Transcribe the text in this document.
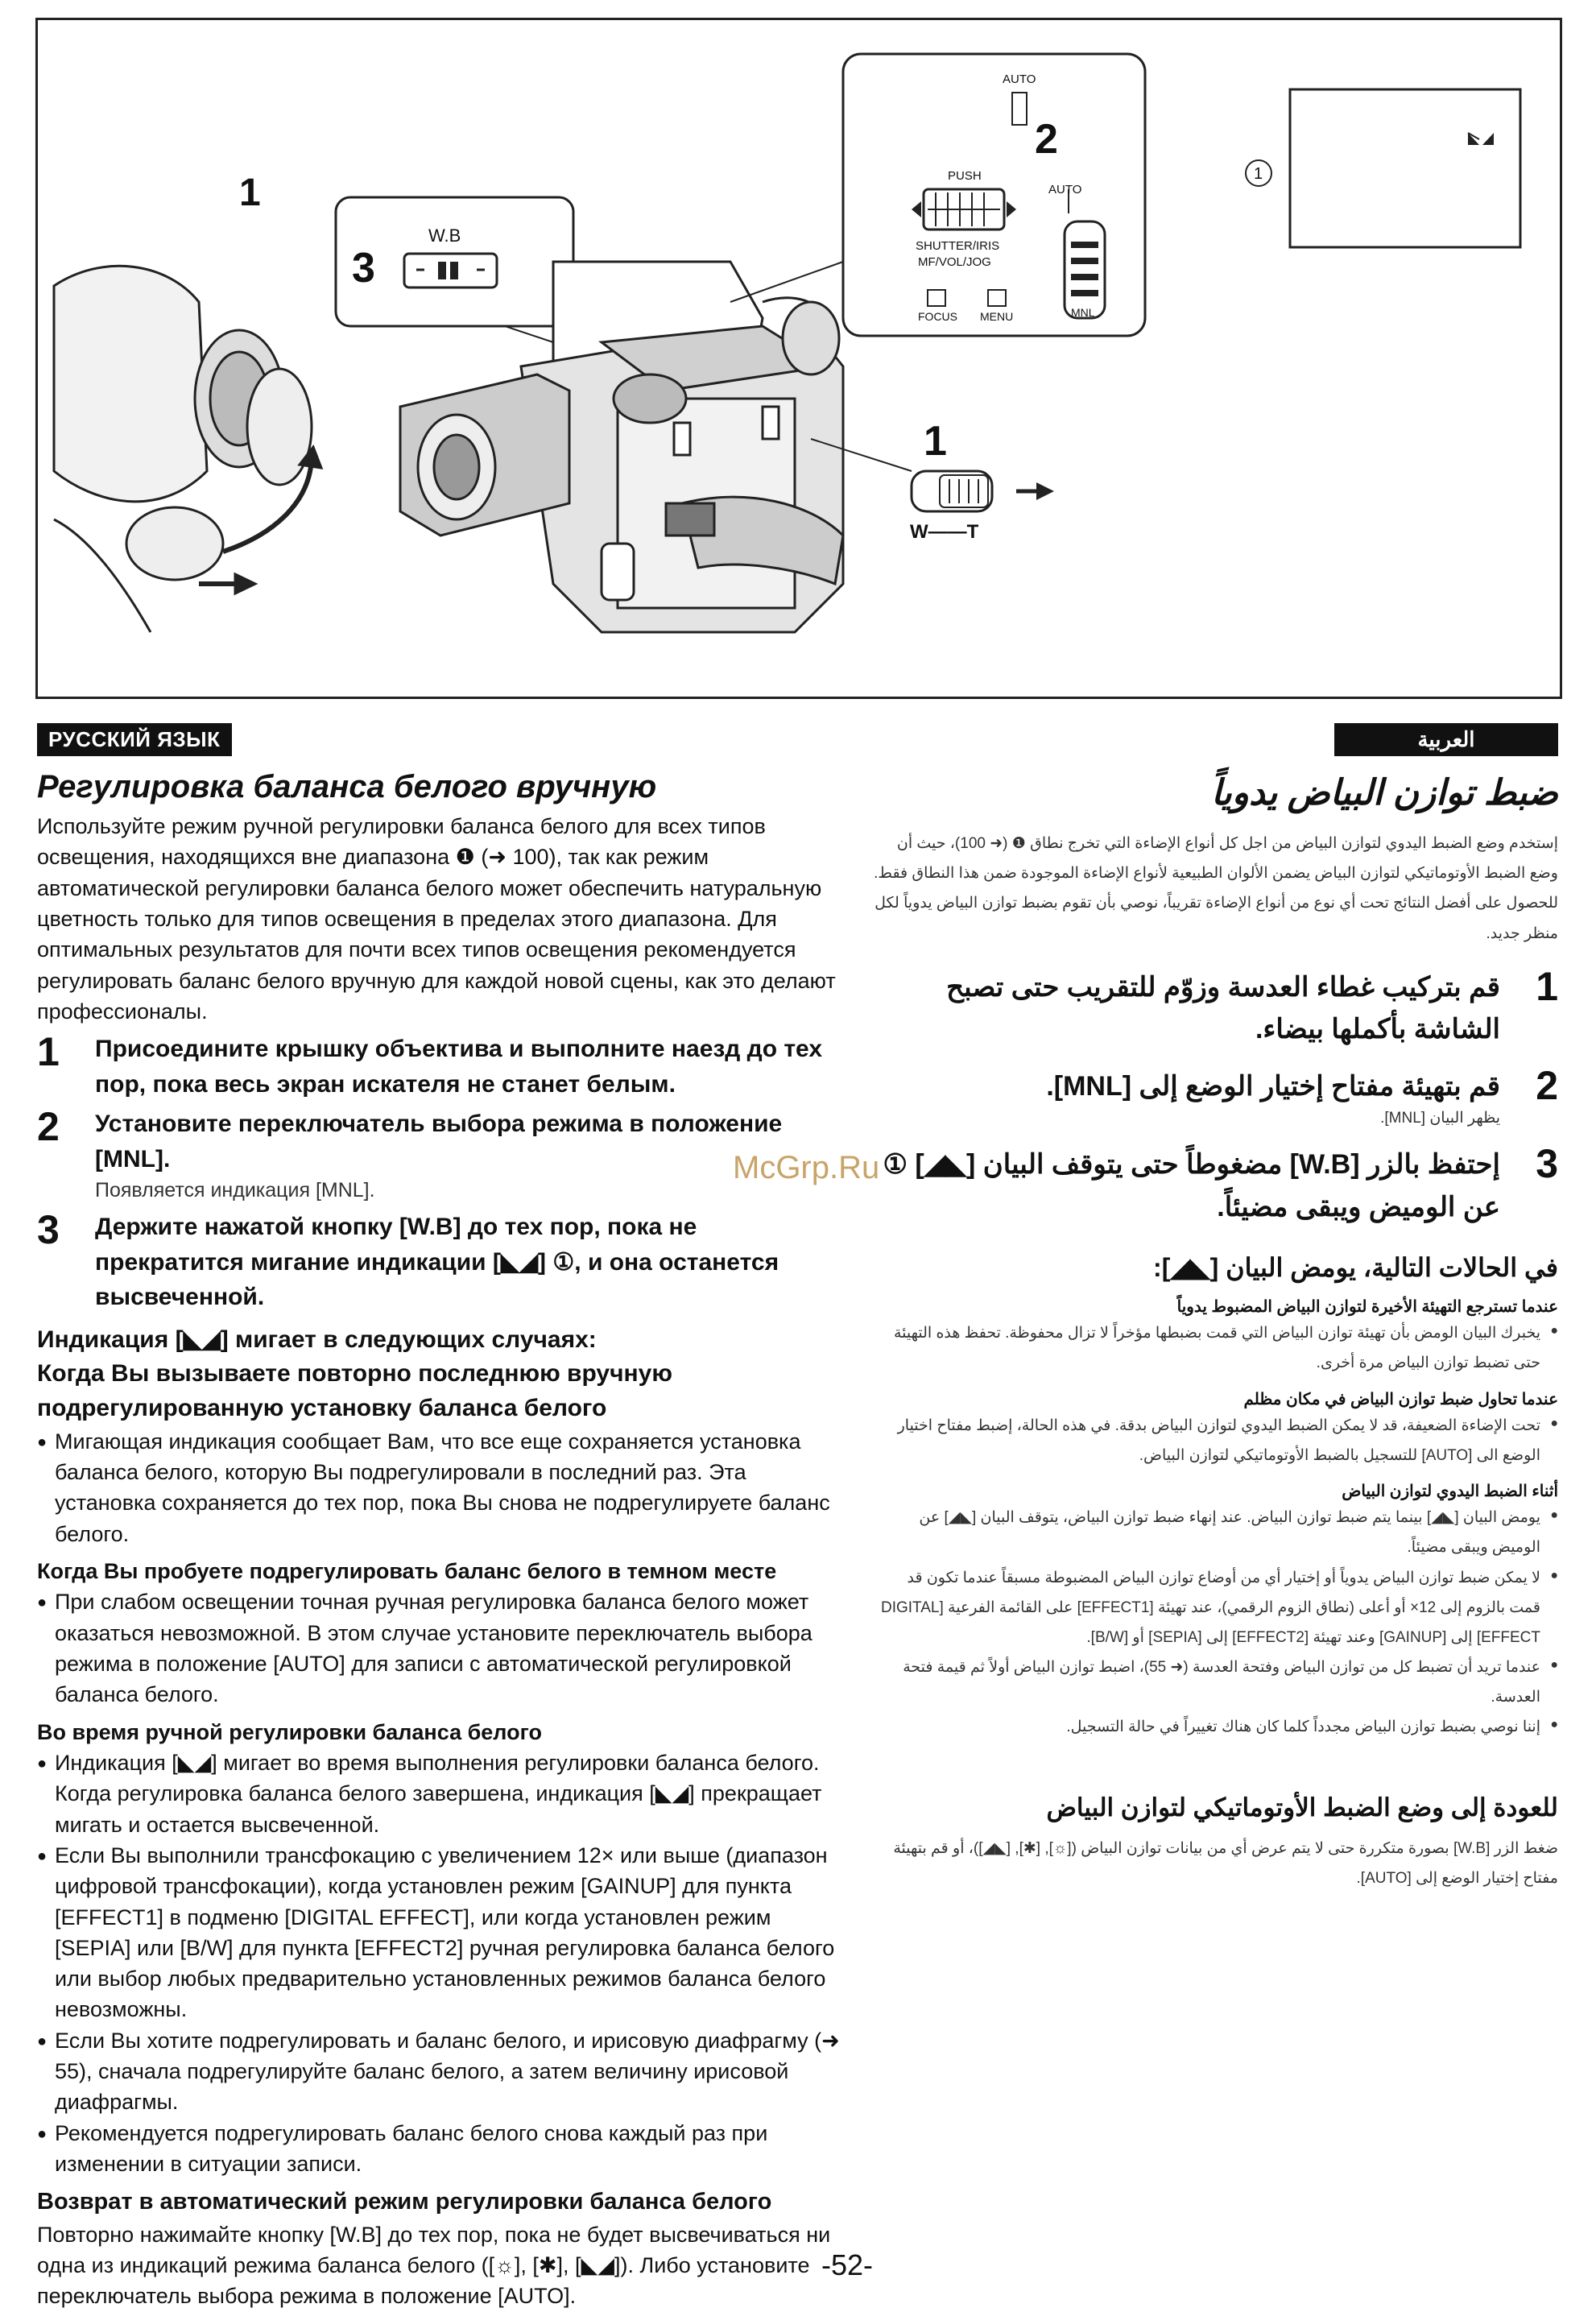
1
W.B
3
AUTO
2
AUTO
PUSH
SHUTTER/IRIS
MF/VOL/JOG
FOCUS MENU	MNL
1
W——T
1
РУССКИЙ ЯЗЫК
Регулировка баланса белого вручную

Используйте режим ручной регулировки баланса белого для всех типов освещения, находящихся вне диапазона ❶ (➜ 100), так как режим автоматической регулировки баланса белого может обеспечить натуральную цветность только для типов освещения в пределах этого диапазона. Для оптимальных результатов для почти всех типов освещения рекомендуется регулировать баланс белого вручную для каждой новой сцены, как это делают профессионалы.

1	Присоедините крышку объектива и выполните наезд до тех пор, пока весь экран искателя не станет белым.
2	Установите переключатель выбора режима в положение [MNL].

Появляется индикация [MNL].

3	Держите нажатой кнопку [W.B] до тех пор, пока не прекратится мигание индикации [◣◢] ①, и она останется высвеченной.

Индикация [◣◢] мигает в следующих случаях:

Когда Вы вызываете повторно последнюю вручную подрегулированную установку баланса белого

● Мигающая индикация сообщает Вам, что все еще сохраняется установка баланса белого, которую Вы подрегулировали в последний раз. Эта установка сохраняется до тех пор, пока Вы снова не подрегулируете баланс белого.

Когда Вы пробуете подрегулировать баланс белого в темном месте

● При слабом освещении точная ручная регулировка баланса белого может оказаться невозможной. В этом случае установите переключатель выбора режима в положение [AUTO] для записи с автоматической регулировкой баланса белого.

Во время ручной регулировки баланса белого

● Индикация [◣◢] мигает во время выполнения регулировки баланса белого. Когда регулировка баланса белого завершена, индикация [◣◢] прекращает мигать и остается высвеченной.
● Если Вы выполнили трансфокацию с увеличением 12× или выше (диапазон цифровой трансфокации), когда установлен режим [GAINUP] для пункта [EFFECT1] в подменю [DIGITAL EFFECT], или когда установлен режим [SEPIA] или [B/W] для пункта [EFFECT2] ручная регулировка баланса белого или выбор любых предварительно установленных режимов баланса белого невозможны.
● Если Вы хотите подрегулировать и баланс белого, и ирисовую диафрагму (➜ 55), сначала подрегулируйте баланс белого, а затем величину ирисовой диафрагмы.
● Рекомендуется подрегулировать баланс белого снова каждый раз при изменении в ситуации записи.

Возврат в автоматический режим регулировки баланса белого

Повторно нажимайте кнопку [W.B] до тех пор, пока не будет высвечиваться ни одна из индикаций режима баланса белого ([☼], [✱], [◣◢]). Либо установите переключатель выбора режима в положение [AUTO].

McGrp.Ru
العربية
ضبط توازن البياض يدوياً

إستخدم وضع الضبط اليدوي لتوازن البياض من اجل كل أنواع الإضاءة التي تخرج نطاق ❶ (➜ 100)، حيث أن وضع الضبط الأوتوماتيكي لتوازن البياض يضمن الألوان الطبيعية لأنواع الإضاءة الموجودة ضمن هذا النطاق فقط. للحصول على أفضل النتائج تحت أي نوع من أنواع الإضاءة تقريباً، نوصي بأن تقوم بضبط توازن البياض يدوياً لكل منظر جديد.

1
قم بتركيب غطاء العدسة وزوّم للتقريب حتى تصبح الشاشة بأكملها بيضاء.
2
قم بتهيئة مفتاح إختيار الوضع إلى [MNL].

يظهر البيان [MNL].

3
إحتفظ بالزر [W.B] مضغوطاً حتى يتوقف البيان [◣◢] ① عن الوميض ويبقى مضيئاً.

في الحالات التالية، يومض البيان [◣◢]:

عندما تسترجع التهيئة الأخيرة لتوازن البياض المضبوط يدوياً

● يخبرك البيان الومض بأن تهيئة توازن البياض التي قمت بضبطها مؤخراً لا تزال محفوظة. تحفظ هذه التهيئة حتى تضبط توازن البياض مرة أخرى.

عندما تحاول ضبط توازن البياض في مكان مظلم

● تحت الإضاءة الضعيفة، قد لا يمكن الضبط اليدوي لتوازن البياض بدقة. في هذه الحالة، إضبط مفتاح اختيار الوضع الى [AUTO] للتسجيل بالضبط الأوتوماتيكي لتوازن البياض.

أثناء الضبط اليدوي لتوازن البياض

● يومض البيان [◣◢] بينما يتم ضبط توازن البياض. عند إنهاء ضبط توازن البياض، يتوقف البيان [◣◢] عن الوميض ويبقى مضيئاً.
● لا يمكن ضبط توازن البياض يدوياً أو إختيار أي من أوضاع توازن البياض المضبوطة مسبقاً عندما تكون قد قمت بالزوم إلى 12× أو أعلى (نطاق الزوم الرقمي)، عند تهيئة [EFFECT1] على القائمة الفرعية [DIGITAL EFFECT] إلى [GAINUP] وعند تهيئة [EFFECT2] إلى [SEPIA] أو [B/W].
● عندما تريد أن تضبط كل من توازن البياض وفتحة العدسة (➜ 55)، اضبط توازن البياض أولاً ثم قيمة فتحة العدسة.
● إننا نوصي بضبط توازن البياض مجدداً كلما كان هناك تغييراً في حالة التسجيل.

للعودة إلى وضع الضبط الأوتوماتيكي لتوازن البياض

ضغط الزر [W.B] بصورة متكررة حتى لا يتم عرض أي من بيانات توازن البياض ([☼], [✱], [◣◢])، أو قم بتهيئة مفتاح إختيار الوضع إلى [AUTO].

-52-
